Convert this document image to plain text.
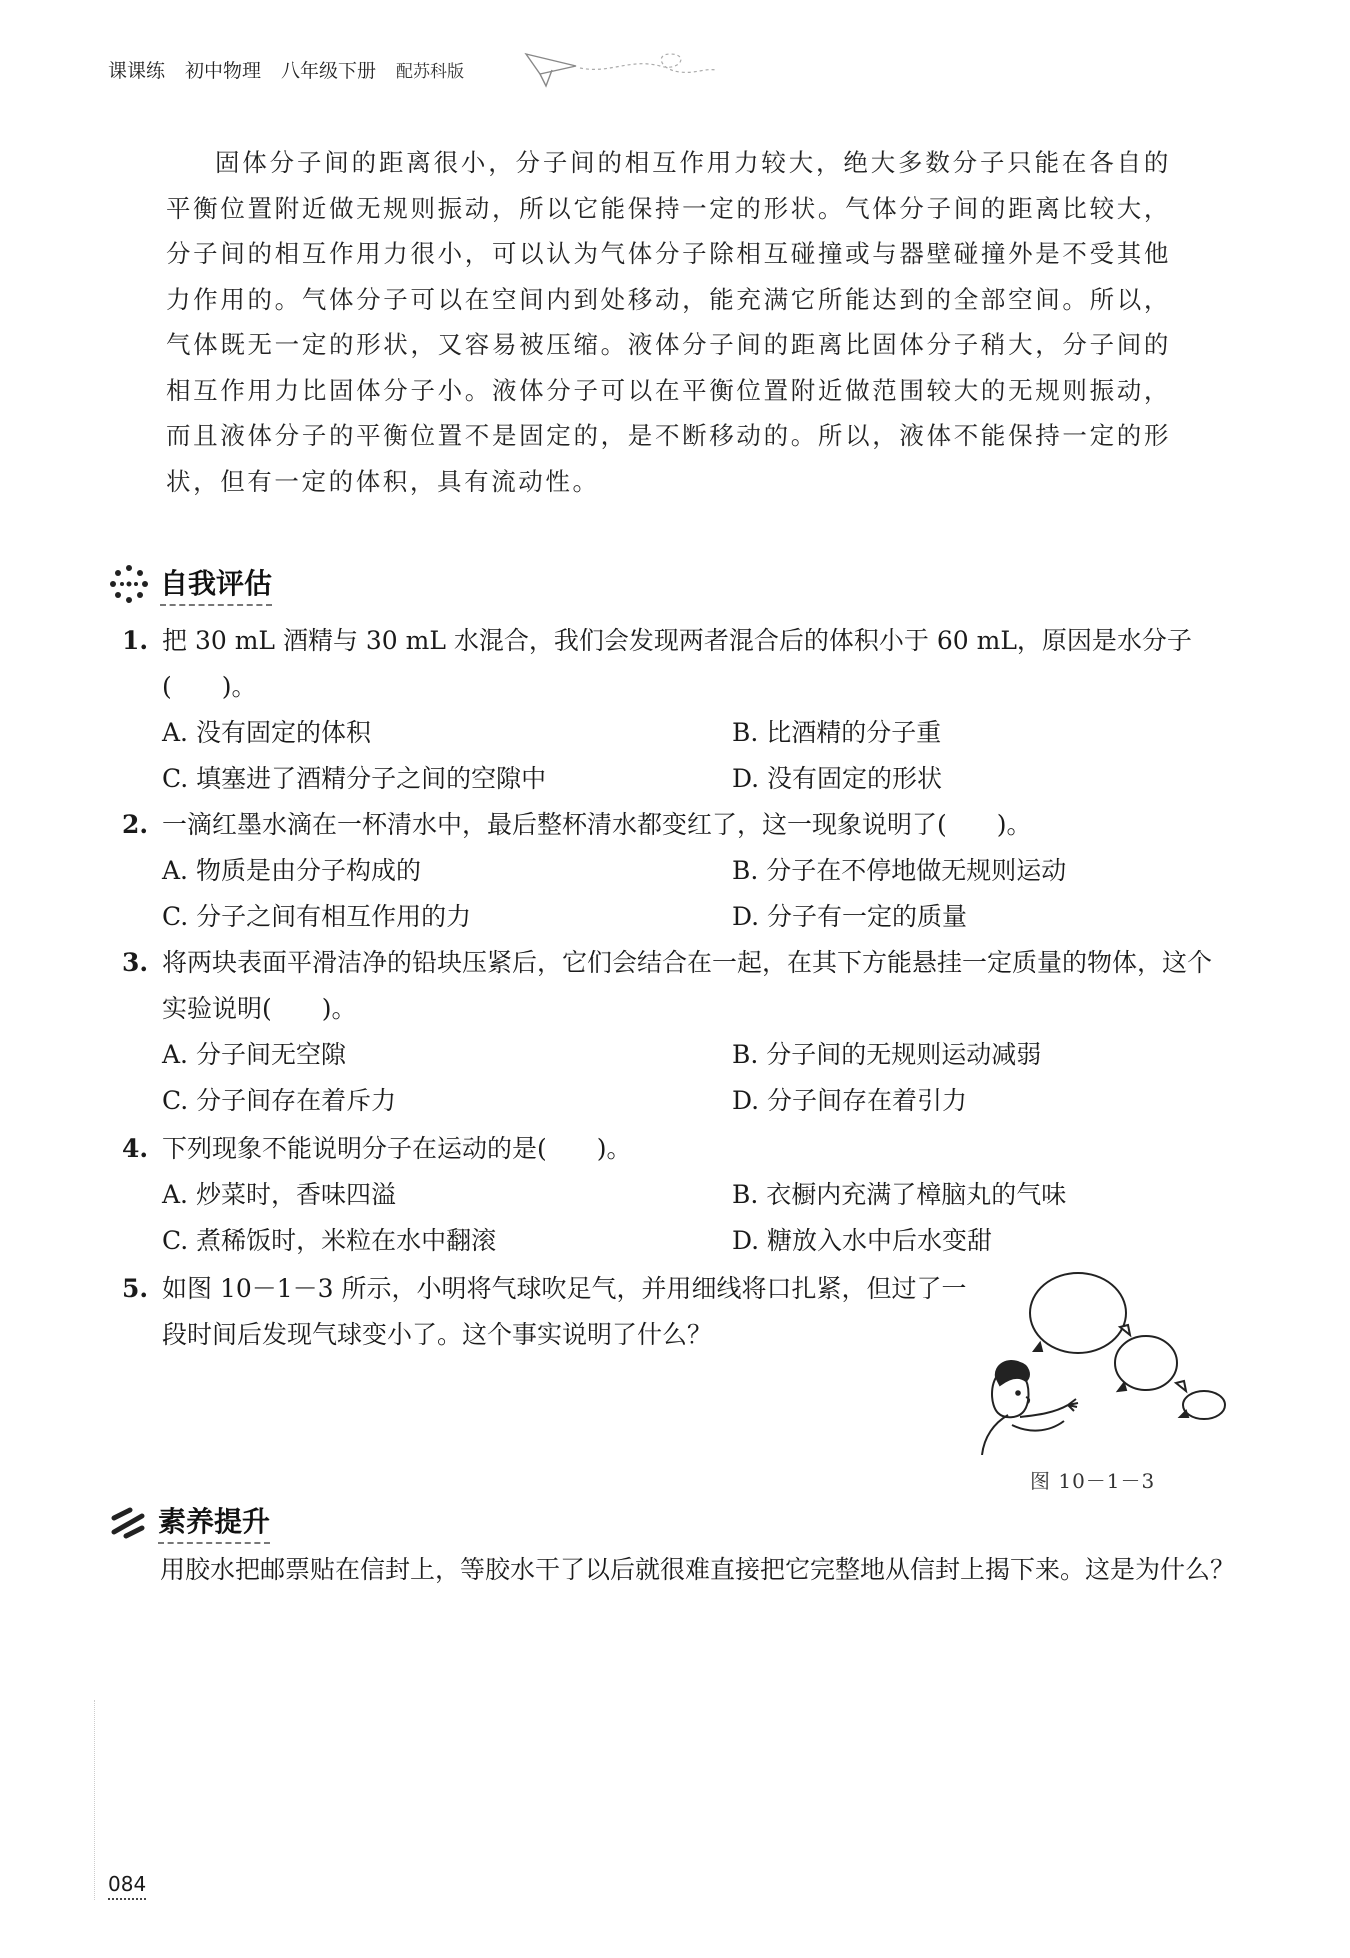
课课练 初中物理 八年级下册 配苏科版

固体分子间的距离很小，分子间的相互作用力较大，绝大多数分子只能在各自的平衡位置附近做无规则振动，所以它能保持一定的形状。气体分子间的距离比较大，分子间的相互作用力很小，可以认为气体分子除相互碰撞或与器壁碰撞外是不受其他力作用的。气体分子可以在空间内到处移动，能充满它所能达到的全部空间。所以，气体既无一定的形状，又容易被压缩。液体分子间的距离比固体分子稍大，分子间的相互作用力比固体分子小。液体分子可以在平衡位置附近做范围较大的无规则振动，而且液体分子的平衡位置不是固定的，是不断移动的。所以，液体不能保持一定的形状，但有一定的体积，具有流动性。

自我评估
1. 把 30 mL 酒精与 30 mL 水混合，我们会发现两者混合后的体积小于 60 mL，原因是水分子(　　)。
A. 没有固定的体积	B. 比酒精的分子重
C. 填塞进了酒精分子之间的空隙中	D. 没有固定的形状
2. 一滴红墨水滴在一杯清水中，最后整杯清水都变红了，这一现象说明了(　　)。
A. 物质是由分子构成的	B. 分子在不停地做无规则运动
C. 分子之间有相互作用的力	D. 分子有一定的质量
3. 将两块表面平滑洁净的铅块压紧后，它们会结合在一起，在其下方能悬挂一定质量的物体，这个实验说明(　　)。
A. 分子间无空隙	B. 分子间的无规则运动减弱
C. 分子间存在着斥力	D. 分子间存在着引力
4. 下列现象不能说明分子在运动的是(　　)。
A. 炒菜时，香味四溢	B. 衣橱内充满了樟脑丸的气味
C. 煮稀饭时，米粒在水中翻滚	D. 糖放入水中后水变甜
5. 如图 10－1－3 所示，小明将气球吹足气，并用细线将口扎紧，但过了一段时间后发现气球变小了。这个事实说明了什么？
图 10－1－3
素养提升

用胶水把邮票贴在信封上，等胶水干了以后就很难直接把它完整地从信封上揭下来。这是为什么？

084
